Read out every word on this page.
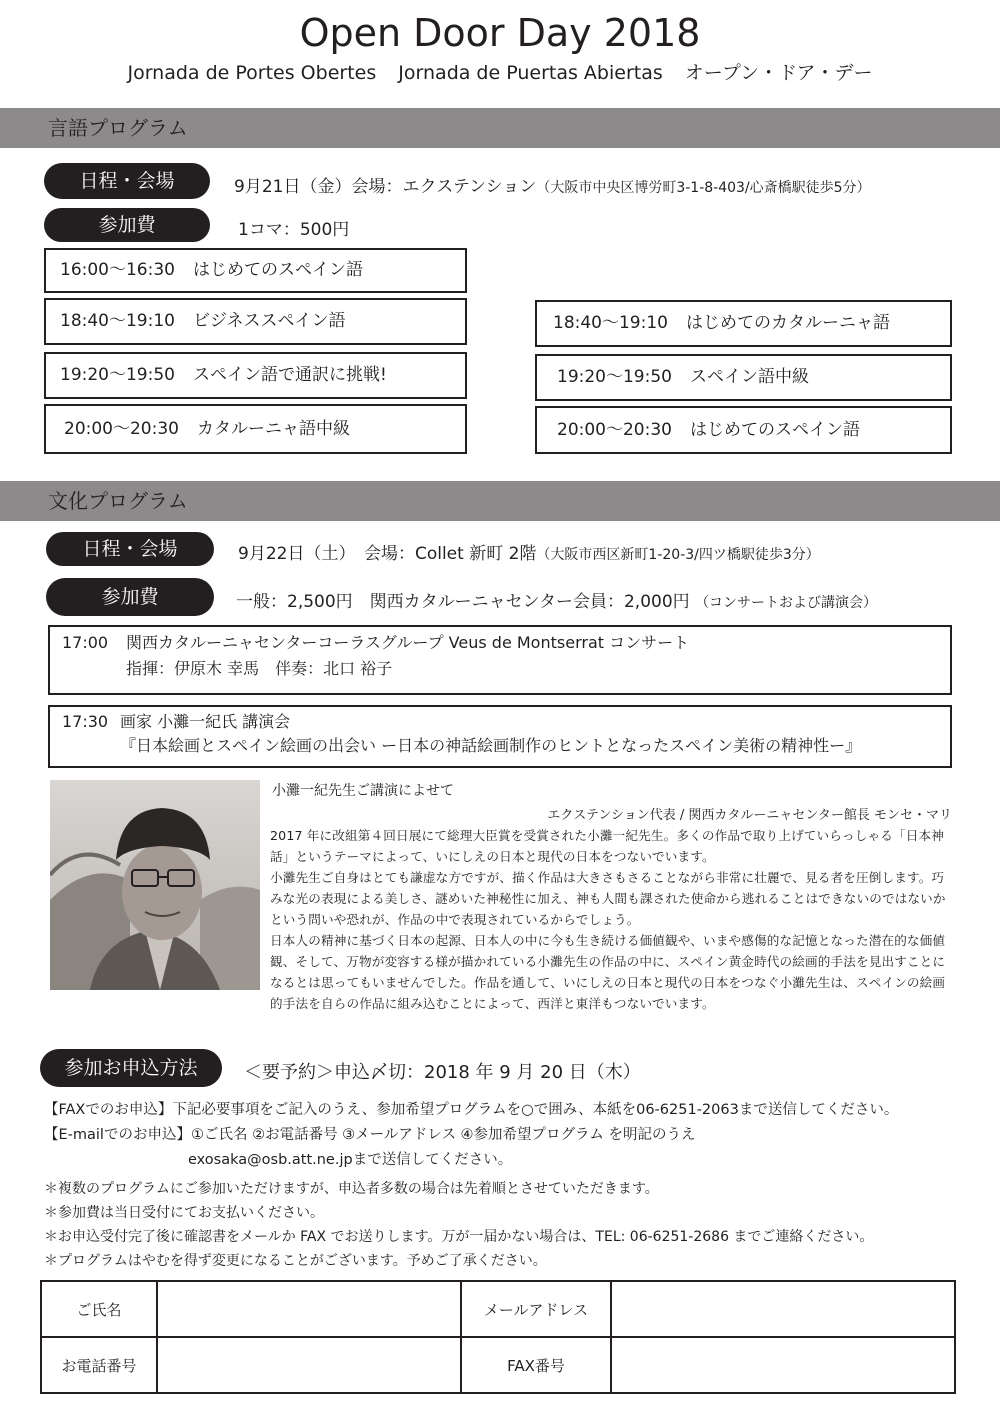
Open Door Day 2018
Jornada de Portes Obertes Jornada de Puertas Abiertas オープン・ドア・デー
言語プログラム
日程・会場	9月21日（金）会場：エクステンション（大阪市中央区博労町3-1-8-403/心斎橋駅徒歩5分）
参加費	1コマ：500円
16:00～16:30 はじめてのスペイン語
18:40～19:10 ビジネススペイン語
19:20～19:50 スペイン語で通訳に挑戦!
20:00～20:30 カタルーニャ語中級
18:40～19:10 はじめてのカタルーニャ語
19:20～19:50 スペイン語中級
20:00～20:30 はじめてのスペイン語
文化プログラム
日程・会場	9月22日（土）　会場：Collet 新町 2階（大阪市西区新町1-20-3/四ツ橋駅徒歩3分）
参加費	一般：2,500円　関西カタルーニャセンター会員：2,000円 （コンサートおよび講演会）
17:00 関西カタルーニャセンターコーラスグループ Veus de Montserrat コンサート
指揮：伊原木 幸馬　伴奏：北口 裕子
17:30 画家 小灘一紀氏 講演会
『日本絵画とスペイン絵画の出会い ー日本の神話絵画制作のヒントとなったスペイン美術の精神性ー』
小灘一紀先生ご講演によせて
エクステンション代表 / 関西カタルーニャセンター館長 モンセ・マリ

2017 年に改組第４回日展にて総理大臣賞を受賞された小灘一紀先生。多くの作品で取り上げていらっしゃる「日本神話」というテーマによって、いにしえの日本と現代の日本をつないでいます。

小灘先生ご自身はとても謙虚な方ですが、描く作品は大きさもさることながら非常に壮麗で、見る者を圧倒します。巧みな光の表現による美しさ、謎めいた神秘性に加え、神も人間も課された使命から逃れることはできないのではないかという問いや恐れが、作品の中で表現されているからでしょう。

日本人の精神に基づく日本の起源、日本人の中に今も生き続ける価値観や、いまや感傷的な記憶となった潜在的な価値観、そして、万物が変容する様が描かれている小灘先生の作品の中に、スペイン黄金時代の絵画的手法を見出すことになるとは思ってもいませんでした。作品を通して、いにしえの日本と現代の日本をつなぐ小灘先生は、スペインの絵画的手法を自らの作品に組み込むことによって、西洋と東洋もつないでいます。

参加お申込方法	＜要予約＞申込〆切：2018 年 9 月 20 日（木）
【FAXでのお申込】下記必要事項をご記入のうえ、参加希望プログラムを○で囲み、本紙を06-6251-2063まで送信してください。
【E-mailでのお申込】①ご氏名 ②お電話番号 ③メールアドレス ④参加希望プログラム を明記のうえ
exosaka@osb.att.ne.jpまで送信してください。
＊複数のプログラムにご参加いただけますが、申込者多数の場合は先着順とさせていただきます。
＊参加費は当日受付にてお支払いください。
＊お申込受付完了後に確認書をメールか FAX でお送りします。万が一届かない場合は、TEL: 06-6251-2686 までご連絡ください。
＊プログラムはやむを得ず変更になることがございます。予めご了承ください。
ご氏名		メールアドレス	
お電話番号		FAX番号	
